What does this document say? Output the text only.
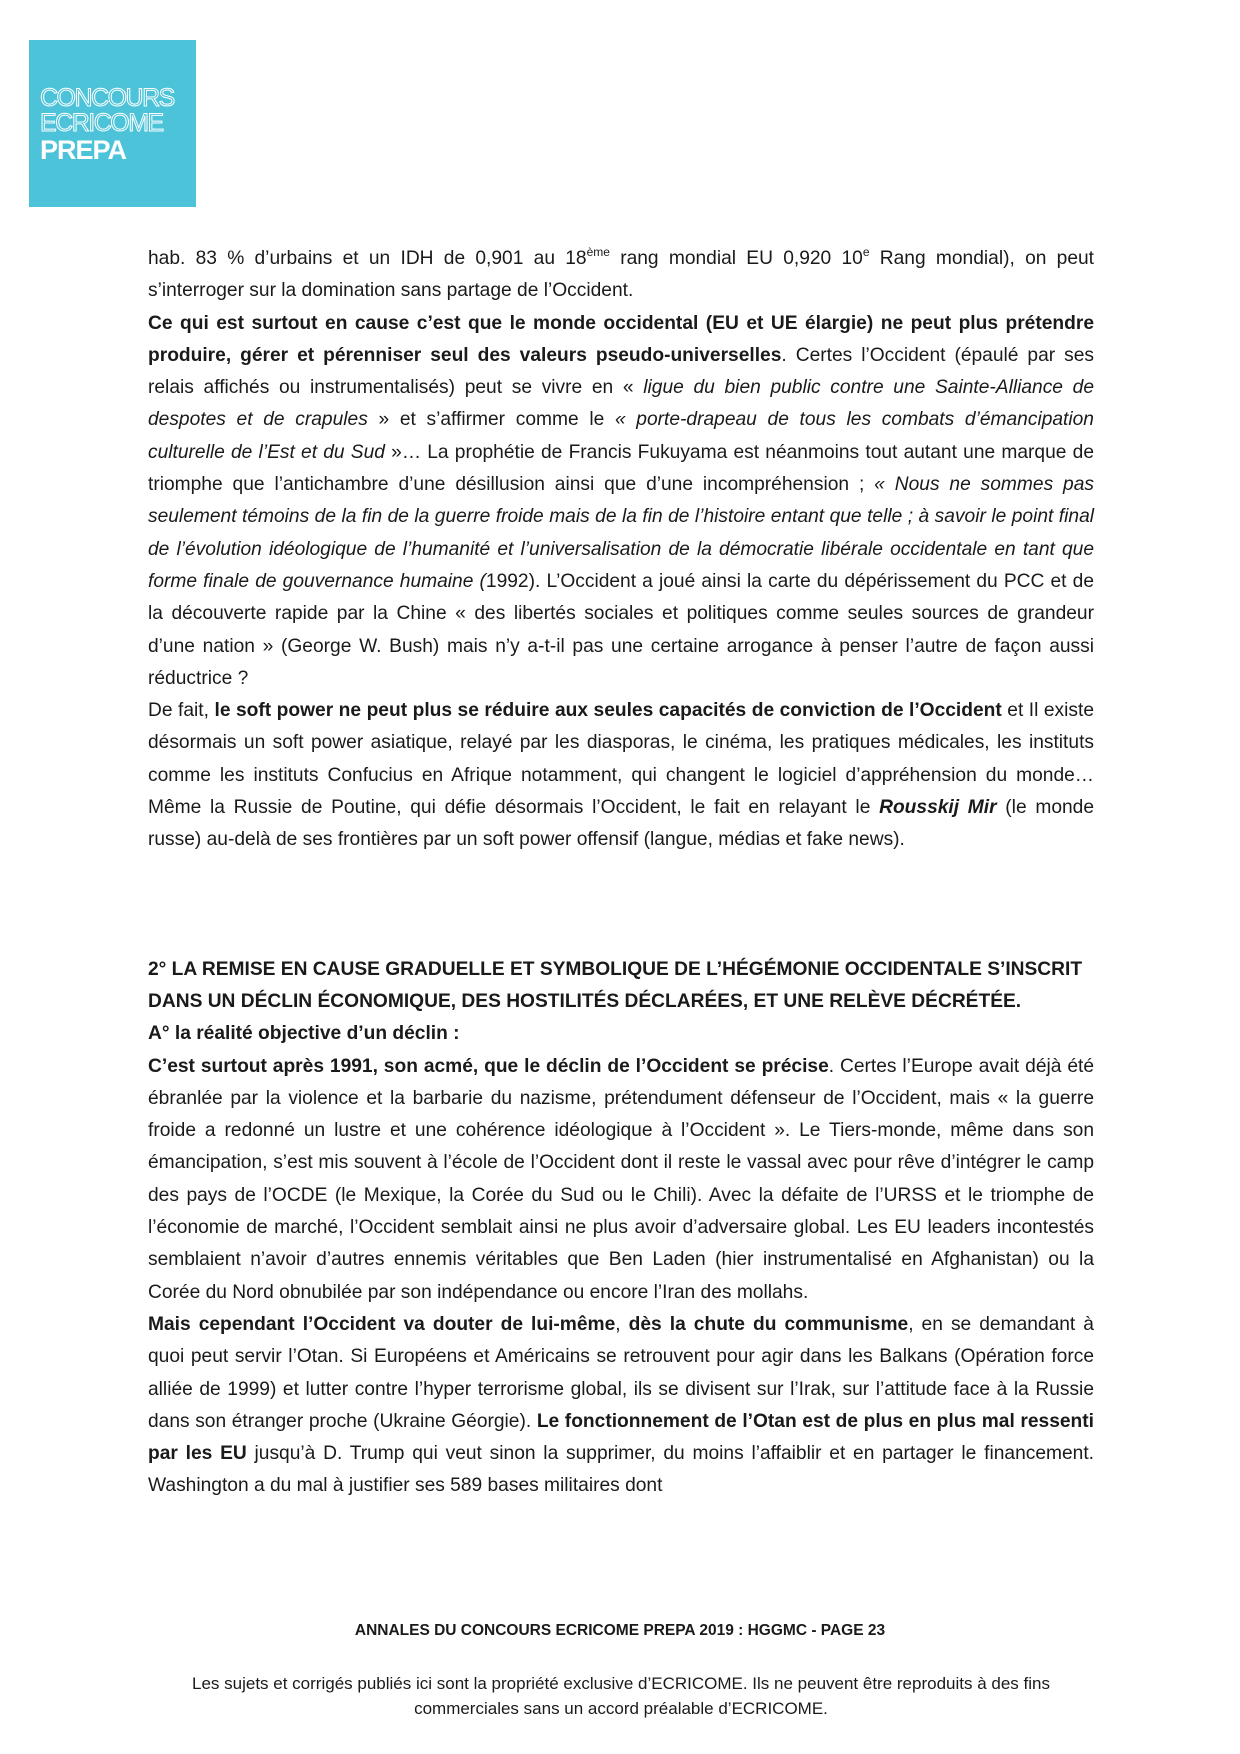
CONCOURS
ECRICOME
PREPA

hab. 83 % d’urbains et un IDH de 0,901 au 18ème rang mondial EU 0,920 10e Rang mondial), on peut s’interroger sur la domination sans partage de l’Occident.

Ce qui est surtout en cause c’est que le monde occidental (EU et UE élargie) ne peut plus prétendre produire, gérer et pérenniser seul des valeurs pseudo-universelles. Certes l’Occident (épaulé par ses relais affichés ou instrumentalisés) peut se vivre en « ligue du bien public contre une Sainte-Alliance de despotes et de crapules » et s’affirmer comme le « porte-drapeau de tous les combats d’émancipation culturelle de l’Est et du Sud »… La prophétie de Francis Fukuyama est néanmoins tout autant une marque de triomphe que l’antichambre d’une désillusion ainsi que d’une incompréhension ; « Nous ne sommes pas seulement témoins de la fin de la guerre froide mais de la fin de l’histoire entant que telle ; à savoir le point final de l’évolution idéologique de l’humanité et l’universalisation de la démocratie libérale occidentale en tant que forme finale de gouvernance humaine (1992). L’Occident a joué ainsi la carte du dépérissement du PCC et de la découverte rapide par la Chine « des libertés sociales et politiques comme seules sources de grandeur d’une nation » (George W. Bush) mais n’y a-t-il pas une certaine arrogance à penser l’autre de façon aussi réductrice ?

De fait, le soft power ne peut plus se réduire aux seules capacités de conviction de l’Occident et Il existe désormais un soft power asiatique, relayé par les diasporas, le cinéma, les pratiques médicales, les instituts comme les instituts Confucius en Afrique notamment, qui changent le logiciel d’appréhension du monde… Même la Russie de Poutine, qui défie désormais l’Occident, le fait en relayant le Rousskij Mir (le monde russe) au-delà de ses frontières par un soft power offensif (langue, médias et fake news).

2° LA REMISE EN CAUSE GRADUELLE ET SYMBOLIQUE DE L’HÉGÉMONIE OCCIDENTALE S’INSCRIT DANS UN DÉCLIN ÉCONOMIQUE, DES HOSTILITÉS DÉCLARÉES, ET UNE RELÈVE DÉCRÉTÉE.

A° la réalité objective d’un déclin :

C’est surtout après 1991, son acmé, que le déclin de l’Occident se précise. Certes l’Europe avait déjà été ébranlée par la violence et la barbarie du nazisme, prétendument défenseur de l’Occident, mais « la guerre froide a redonné un lustre et une cohérence idéologique à l’Occident ». Le Tiers-monde, même dans son émancipation, s’est mis souvent à l’école de l’Occident dont il reste le vassal avec pour rêve d’intégrer le camp des pays de l’OCDE (le Mexique, la Corée du Sud ou le Chili). Avec la défaite de l’URSS et le triomphe de l’économie de marché, l’Occident semblait ainsi ne plus avoir d’adversaire global. Les EU leaders incontestés semblaient n’avoir d’autres ennemis véritables que Ben Laden (hier instrumentalisé en Afghanistan) ou la Corée du Nord obnubilée par son indépendance ou encore l’Iran des mollahs.

Mais cependant l’Occident va douter de lui-même, dès la chute du communisme, en se demandant à quoi peut servir l’Otan. Si Européens et Américains se retrouvent pour agir dans les Balkans (Opération force alliée de 1999) et lutter contre l’hyper terrorisme global, ils se divisent sur l’Irak, sur l’attitude face à la Russie dans son étranger proche (Ukraine Géorgie). Le fonctionnement de l’Otan est de plus en plus mal ressenti par les EU jusqu’à D. Trump qui veut sinon la supprimer, du moins l’affaiblir et en partager le financement. Washington a du mal à justifier ses 589 bases militaires dont

ANNALES DU CONCOURS ECRICOME PREPA 2019 : HGGMC - PAGE 23
Les sujets et corrigés publiés ici sont la propriété exclusive d’ECRICOME. Ils ne peuvent être reproduits à des fins commerciales sans un accord préalable d’ECRICOME.
